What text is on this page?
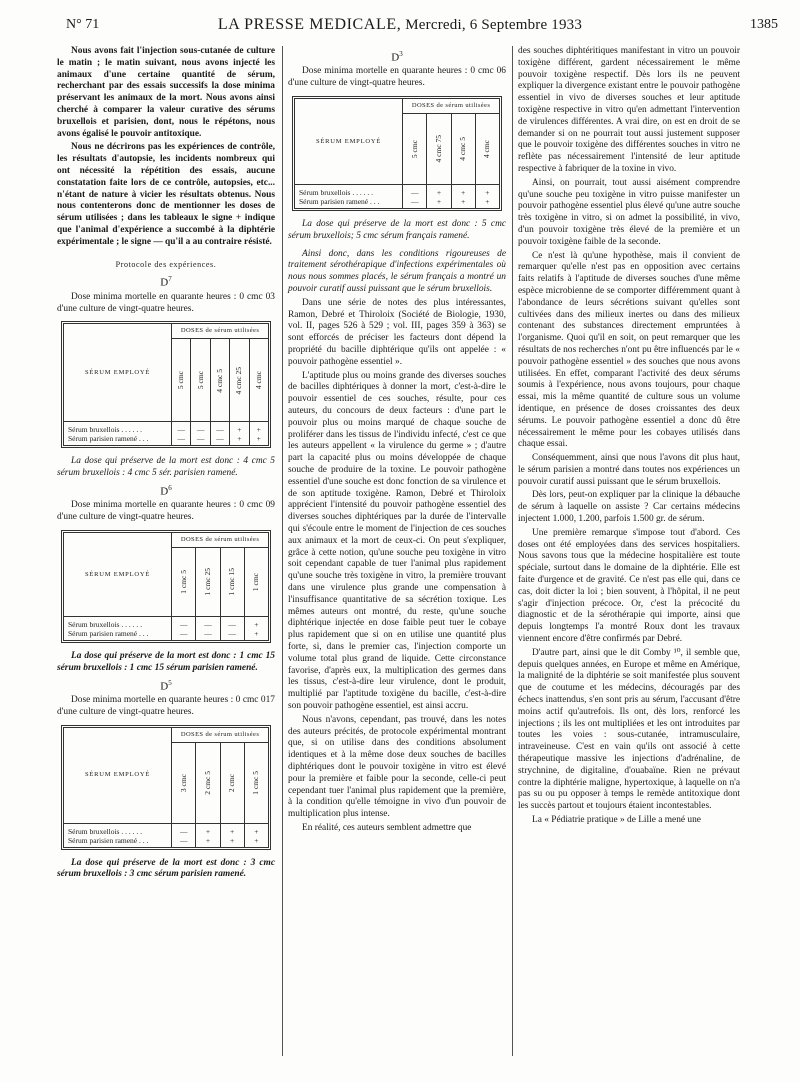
N° 71	LA PRESSE MEDICALE, Mercredi, 6 Septembre 1933	1385

Nous avons fait l'injection sous-cutanée de culture le matin ; le matin suivant, nous avons injecté les animaux d'une certaine quantité de sérum, recherchant par des essais successifs la dose minima préservant les animaux de la mort. Nous avons ainsi cherché à comparer la valeur curative des sérums bruxellois et parisien, dont, nous le répétons, nous avons égalisé le pouvoir antitoxique.

Nous ne décrirons pas les expériences de contrôle, les résultats d'autopsie, les incidents nombreux qui ont nécessité la répétition des essais, aucune constatation faite lors de ce contrôle, autopsies, etc... n'étant de nature à vicier les résultats obtenus. Nous nous contenterons donc de mentionner les doses de sérum utilisées ; dans les tableaux le signe + indique que l'animal d'expérience a succombé à la diphtérie expérimentale ; le signe — qu'il a au contraire résisté.

Protocole des expériences.
$D^7$

Dose minima mortelle en quarante heures : 0 cmc 03 d'une culture de vingt-quatre heures.

SÉRUM EMPLOYÉ
DOSES de sérum utilisées
5 cmc 5 cmc 4 cmc 5 4 cmc 25 4 cmc
Sérum bruxellois . . . . . .
Sérum parisien ramené . . .
—
—
—
—
—
—
+
+
+
+

La dose qui préserve de la mort est donc : 4 cmc 5 sérum bruxellois : 4 cmc 5 sér. parisien ramené.

$D^6$

Dose minima mortelle en quarante heures : 0 cmc 09 d'une culture de vingt-quatre heures.

SÉRUM EMPLOYÉ
DOSES de sérum utilisées
1 cmc 5 1 cmc 25 1 cmc 15 1 cmc
Sérum bruxellois . . . . . .
Sérum parisien ramené . . .
—
—
—
—
—
—
+
+

La dose qui préserve de la mort est donc : 1 cmc 15 sérum bruxellois : 1 cmc 15 sérum parisien ramené.

$D^5$

Dose minima mortelle en quarante heures : 0 cmc 017 d'une culture de vingt-quatre heures.

SÉRUM EMPLOYÉ
DOSES de sérum utilisées
3 cmc 2 cmc 5 2 cmc 1 cmc 5
Sérum bruxellois . . . . . .
Sérum parisien ramené . . .
—
—
+
+
+
+
+
+

La dose qui préserve de la mort est donc : 3 cmc sérum bruxellois : 3 cmc sérum parisien ramené.

$D^3$

Dose minima mortelle en quarante heures : 0 cmc 06 d'une culture de vingt-quatre heures.

SÉRUM EMPLOYÉ
DOSES de sérum utilisées
5 cmc 4 cmc 75 4 cmc 5 4 cmc
Sérum bruxellois . . . . . .
Sérum parisien ramené . . .
—
—
+
+
+
+
+
+

La dose qui préserve de la mort est donc : 5 cmc sérum bruxellois; 5 cmc sérum français ramené.

Ainsi donc, dans les conditions rigoureuses de traitement sérothérapique d'infections expérimentales où nous nous sommes placés, le sérum français a montré un pouvoir curatif aussi puissant que le sérum bruxellois.

Dans une série de notes des plus intéressantes, Ramon, Debré et Thiroloix (Société de Biologie, 1930, vol. II, pages 526 à 529 ; vol. III, pages 359 à 363) se sont efforcés de préciser les facteurs dont dépend la propriété du bacille diphtérique qu'ils ont appelée : « pouvoir pathogène essentiel ».

L'aptitude plus ou moins grande des diverses souches de bacilles diphtériques à donner la mort, c'est-à-dire le pouvoir essentiel de ces souches, résulte, pour ces auteurs, du concours de deux facteurs : d'une part le pouvoir plus ou moins marqué de chaque souche de proliférer dans les tissus de l'individu infecté, c'est ce que les auteurs appellent « la virulence du germe » ; d'autre part la capacité plus ou moins développée de chaque souche de produire de la toxine. Le pouvoir pathogène essentiel d'une souche est donc fonction de sa virulence et de son aptitude toxigène. Ramon, Debré et Thiroloix apprécient l'intensité du pouvoir pathogène essentiel des diverses souches diphtériques par la durée de l'intervalle qui s'écoule entre le moment de l'injection de ces souches aux animaux et la mort de ceux-ci. On peut s'expliquer, grâce à cette notion, qu'une souche peu toxigène in vitro soit cependant capable de tuer l'animal plus rapidement qu'une souche très toxigène in vitro, la première trouvant dans une virulence plus grande une compensation à l'insuffisance quantitative de sa sécrétion toxique. Les mêmes auteurs ont montré, du reste, qu'une souche diphtérique injectée en dose faible peut tuer le cobaye plus rapidement que si on en utilise une quantité plus forte, si, dans le premier cas, l'injection comporte un volume total plus grand de liquide. Cette circonstance favorise, d'après eux, la multiplication des germes dans les tissus, c'est-à-dire leur virulence, dont le produit, multiplié par l'aptitude toxigène du bacille, c'est-à-dire son pouvoir pathogène essentiel, est ainsi accru.

Nous n'avons, cependant, pas trouvé, dans les notes des auteurs précités, de protocole expérimental montrant que, si on utilise dans des conditions absolument identiques et à la même dose deux souches de bacilles diphtériques dont le pouvoir toxigène in vitro est élevé pour la première et faible pour la seconde, celle-ci peut cependant tuer l'animal plus rapidement que la première, à la condition qu'elle témoigne in vivo d'un pouvoir de multiplication plus intense.

En réalité, ces auteurs semblent admettre que

des souches diphtéritiques manifestant in vitro un pouvoir toxigène différent, gardent nécessairement le même pouvoir toxigène respectif. Dès lors ils ne peuvent expliquer la divergence existant entre le pouvoir pathogène essentiel in vivo de diverses souches et leur aptitude toxigène respective in vitro qu'en admettant l'intervention de virulences différentes. A vrai dire, on est en droit de se demander si on ne pourrait tout aussi justement supposer que le pouvoir toxigène des différentes souches in vitro ne reflète pas nécessairement l'intensité de leur aptitude respective à fabriquer de la toxine in vivo.

Ainsi, on pourrait, tout aussi aisément comprendre qu'une souche peu toxigène in vitro puisse manifester un pouvoir pathogène essentiel plus élevé qu'une autre souche très toxigène in vitro, si on admet la possibilité, in vivo, d'un pouvoir toxigène très élevé de la première et un pouvoir toxigène faible de la seconde.

Ce n'est là qu'une hypothèse, mais il convient de remarquer qu'elle n'est pas en opposition avec certains faits relatifs à l'aptitude de diverses souches d'une même espèce microbienne de se comporter différemment quant à l'abondance de leurs sécrétions suivant qu'elles sont cultivées dans des milieux inertes ou dans des milieux contenant des substances directement empruntées à l'organisme. Quoi qu'il en soit, on peut remarquer que les résultats de nos recherches n'ont pu être influencés par le « pouvoir pathogène essentiel » des souches que nous avons utilisées. En effet, comparant l'activité des deux sérums soumis à l'expérience, nous avons toujours, pour chaque essai, mis la même quantité de culture sous un volume identique, en présence de doses croissantes des deux sérums. Le pouvoir pathogène essentiel a donc dû être nécessairement le même pour les cobayes utilisés dans chaque essai.

Conséquemment, ainsi que nous l'avons dit plus haut, le sérum parisien a montré dans toutes nos expériences un pouvoir curatif aussi puissant que le sérum bruxellois.

Dès lors, peut-on expliquer par la clinique la débauche de sérum à laquelle on assiste ? Car certains médecins injectent 1.000, 1.200, parfois 1.500 gr. de sérum.

Une première remarque s'impose tout d'abord. Ces doses ont été employées dans des services hospitaliers. Nous savons tous que la médecine hospitalière est toute spéciale, surtout dans le domaine de la diphtérie. Elle est faite d'urgence et de gravité. Ce n'est pas elle qui, dans ce cas, doit dicter la loi ; bien souvent, à l'hôpital, il ne peut s'agir d'injection précoce. Or, c'est la précocité du diagnostic et de la sérothérapie qui importe, ainsi que depuis longtemps l'a montré Roux dont les travaux viennent encore d'être confirmés par Debré.

D'autre part, ainsi que le dit Comby ¹⁰, il semble que, depuis quelques années, en Europe et même en Amérique, la malignité de la diphtérie se soit manifestée plus souvent que de coutume et les médecins, découragés par des échecs inattendus, s'en sont pris au sérum, l'accusant d'être moins actif qu'autrefois. Ils ont, dès lors, renforcé les injections ; ils les ont multipliées et les ont introduites par toutes les voies : sous-cutanée, intramusculaire, intraveineuse. C'est en vain qu'ils ont associé à cette thérapeutique massive les injections d'adrénaline, de strychnine, de digitaline, d'ouabaïne. Rien ne prévaut contre la diphtérie maligne, hypertoxique, à laquelle on n'a pas su ou pu opposer à temps le remède antitoxique dont les succès partout et toujours étaient incontestables.

La « Pédiatrie pratique » de Lille a mené une
